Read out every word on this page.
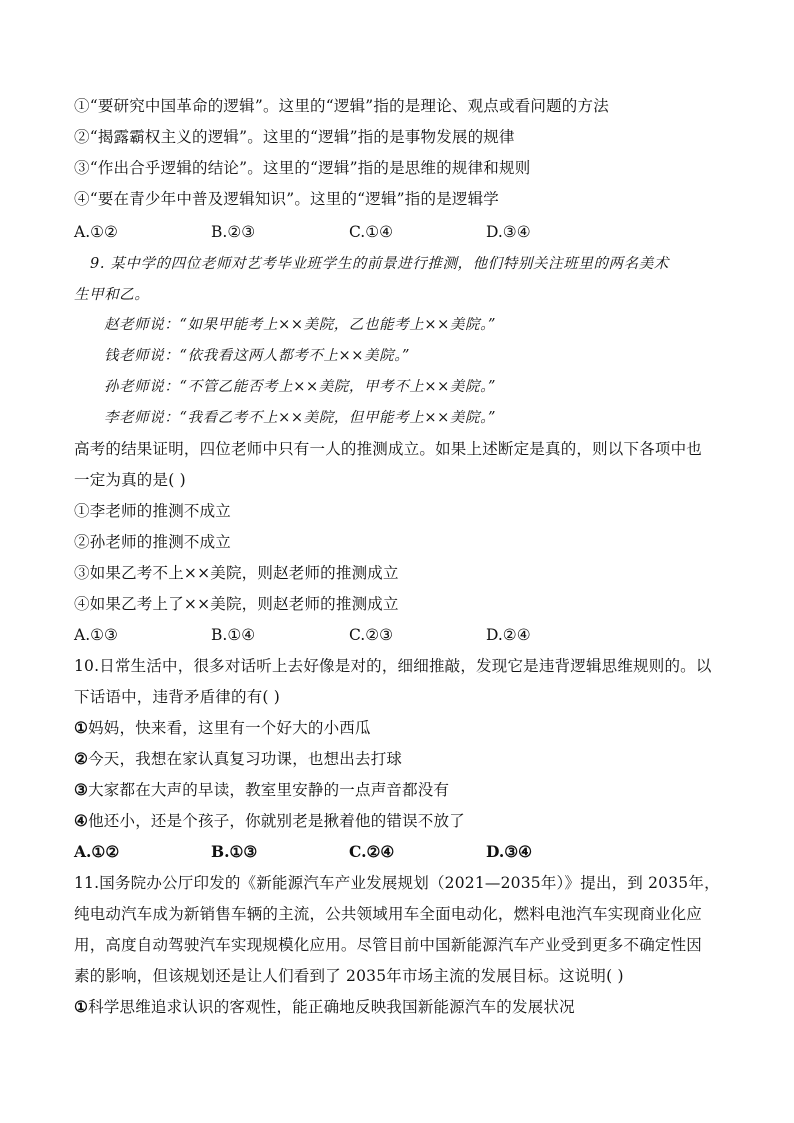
①“要研究中国革命的逻辑”。这里的“逻辑”指的是理论、观点或看问题的方法
②“揭露霸权主义的逻辑”。这里的“逻辑”指的是事物发展的规律
③“作出合乎逻辑的结论”。这里的“逻辑”指的是思维的规律和规则
④“要在青少年中普及逻辑知识”。这里的“逻辑”指的是逻辑学
A.①②	B.②③	C.①④	D.③④
9. 某中学的四位老师对艺考毕业班学生的前景进行推测，他们特别关注班里的两名美术
生甲和乙。
赵老师说：“如果甲能考上××美院，乙也能考上××美院。”
钱老师说：“依我看这两人都考不上××美院。”
孙老师说：“不管乙能否考上××美院，甲考不上××美院。”
李老师说：“我看乙考不上××美院，但甲能考上××美院。”
高考的结果证明，四位老师中只有一人的推测成立。如果上述断定是真的，则以下各项中也
一定为真的是( )
①李老师的推测不成立
②孙老师的推测不成立
③如果乙考不上××美院，则赵老师的推测成立
④如果乙考上了××美院，则赵老师的推测成立
A.①③	B.①④	C.②③	D.②④
10.日常生活中，很多对话听上去好像是对的，细细推敲，发现它是违背逻辑思维规则的。以
下话语中，违背矛盾律的有( )
①妈妈，快来看，这里有一个好大的小西瓜
②今天，我想在家认真复习功课，也想出去打球
③大家都在大声的早读，教室里安静的一点声音都没有
④他还小，还是个孩子，你就别老是揪着他的错误不放了
A.①②	B.①③	C.②④	D.③④
11.国务院办公厅印发的《新能源汽车产业发展规划（2021—2035年）》提出，到 2035年，
纯电动汽车成为新销售车辆的主流，公共领域用车全面电动化，燃料电池汽车实现商业化应
用，高度自动驾驶汽车实现规模化应用。尽管目前中国新能源汽车产业受到更多不确定性因
素的影响，但该规划还是让人们看到了 2035年市场主流的发展目标。这说明( )
①科学思维追求认识的客观性，能正确地反映我国新能源汽车的发展状况
